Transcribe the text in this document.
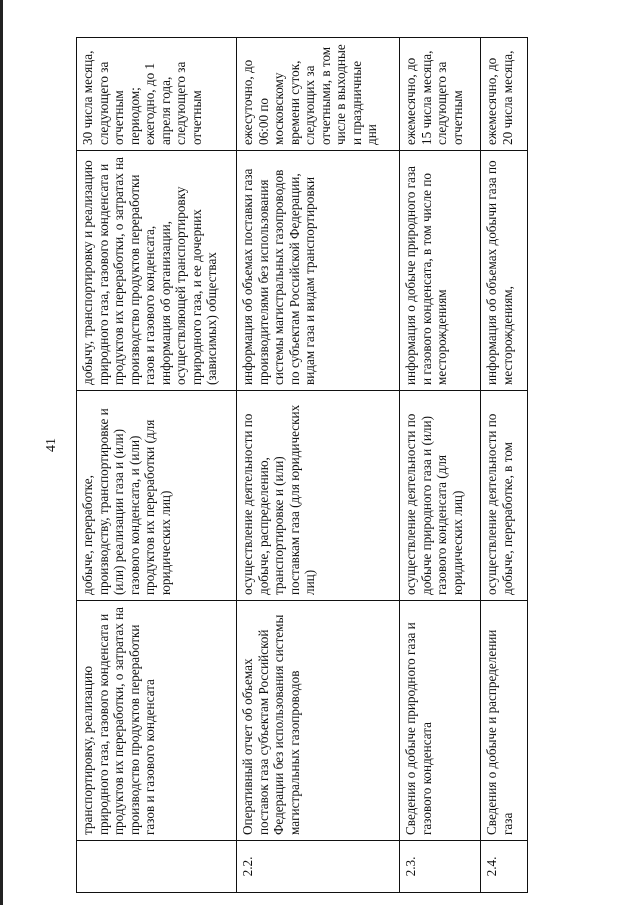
41
	транспортировку, реализацию природного газа, газового конденсата и продуктов их переработки, о затратах на производство продуктов переработки газов и газового конденсата	добыче, переработке, производству, транспортировке и (или) реализации газа и (или) газового конденсата, и (или) продуктов их переработки (для юридических лиц)	добычу, транспортировку и реализацию природного газа, газового конденсата и продуктов их переработки, о затратах на производство продуктов переработки газов и газового конденсата, информация об организации, осуществляющей транспортировку природного газа, и ее дочерних (зависимых) обществах	30 числа месяца, следующего за отчетным периодом; ежегодно, до 1 апреля года, следующего за отчетным
2.2.	Оперативный отчет об объемах поставок газа субъектам Российской Федерации без использования системы магистральных газопроводов	осуществление деятельности по добыче, распределению, транспортировке и (или) поставкам газа (для юридических лиц)	информация об объемах поставки газа производителями без использования системы магистральных газопроводов по субъектам Российской Федерации, видам газа и видам транспортировки	ежесуточно, до 06:00 по московскому времени суток, следующих за отчетными, в том числе в выходные и праздничные дни
2.3.	Сведения о добыче природного газа и газового конденсата	осуществление деятельности по добыче природного газа и (или) газового конденсата (для юридических лиц)	информация о добыче природного газа и газового конденсата, в том числе по месторождениям	ежемесячно, до 15 числа месяца, следующего за отчетным
2.4.	Сведения о добыче и распределении газа	осуществление деятельности по добыче, переработке, в том	информация об объемах добычи газа по месторождениям,	ежемесячно, до 20 числа месяца,
